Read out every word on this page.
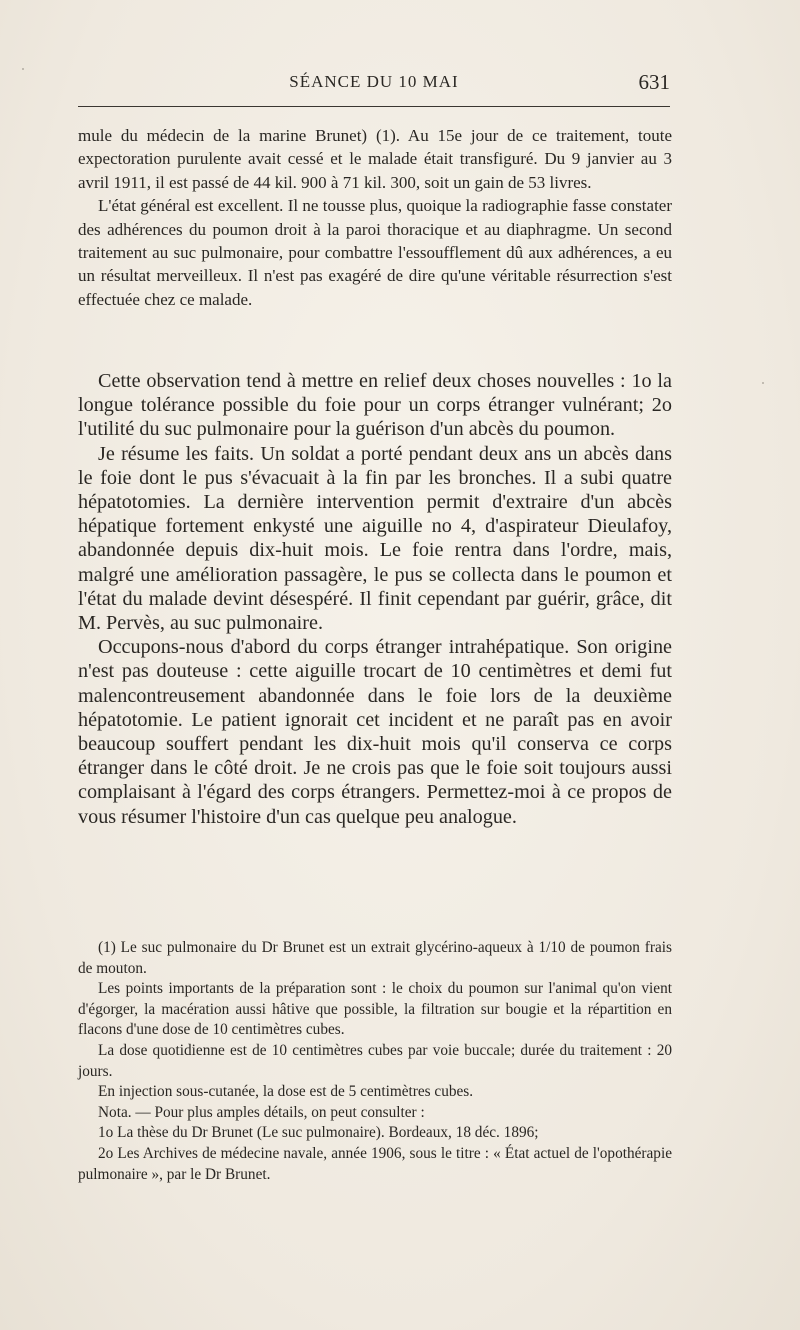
SÉANCE DU 10 MAI	631

mule du médecin de la marine Brunet) (1). Au 15e jour de ce traitement, toute expectoration purulente avait cessé et le malade était transfiguré. Du 9 janvier au 3 avril 1911, il est passé de 44 kil. 900 à 71 kil. 300, soit un gain de 53 livres.

L'état général est excellent. Il ne tousse plus, quoique la radiographie fasse constater des adhérences du poumon droit à la paroi thoracique et au diaphragme. Un second traitement au suc pulmonaire, pour combattre l'essoufflement dû aux adhérences, a eu un résultat merveilleux. Il n'est pas exagéré de dire qu'une véritable résurrection s'est effectuée chez ce malade.

Cette observation tend à mettre en relief deux choses nouvelles : 1o la longue tolérance possible du foie pour un corps étranger vulnérant; 2o l'utilité du suc pulmonaire pour la guérison d'un abcès du poumon.

Je résume les faits. Un soldat a porté pendant deux ans un abcès dans le foie dont le pus s'évacuait à la fin par les bronches. Il a subi quatre hépatotomies. La dernière intervention permit d'extraire d'un abcès hépatique fortement enkysté une aiguille no 4, d'aspirateur Dieulafoy, abandonnée depuis dix-huit mois. Le foie rentra dans l'ordre, mais, malgré une amélioration passagère, le pus se collecta dans le poumon et l'état du malade devint désespéré. Il finit cependant par guérir, grâce, dit M. Pervès, au suc pulmonaire.

Occupons-nous d'abord du corps étranger intrahépatique. Son origine n'est pas douteuse : cette aiguille trocart de 10 centimètres et demi fut malencontreusement abandonnée dans le foie lors de la deuxième hépatotomie. Le patient ignorait cet incident et ne paraît pas en avoir beaucoup souffert pendant les dix-huit mois qu'il conserva ce corps étranger dans le côté droit. Je ne crois pas que le foie soit toujours aussi complaisant à l'égard des corps étrangers. Permettez-moi à ce propos de vous résumer l'histoire d'un cas quelque peu analogue.

(1) Le suc pulmonaire du Dr Brunet est un extrait glycérino-aqueux à 1/10 de poumon frais de mouton.

Les points importants de la préparation sont : le choix du poumon sur l'animal qu'on vient d'égorger, la macération aussi hâtive que possible, la filtration sur bougie et la répartition en flacons d'une dose de 10 centimètres cubes.

La dose quotidienne est de 10 centimètres cubes par voie buccale; durée du traitement : 20 jours.

En injection sous-cutanée, la dose est de 5 centimètres cubes.

Nota. — Pour plus amples détails, on peut consulter :

1o La thèse du Dr Brunet (Le suc pulmonaire). Bordeaux, 18 déc. 1896;

2o Les Archives de médecine navale, année 1906, sous le titre : « État actuel de l'opothérapie pulmonaire », par le Dr Brunet.
